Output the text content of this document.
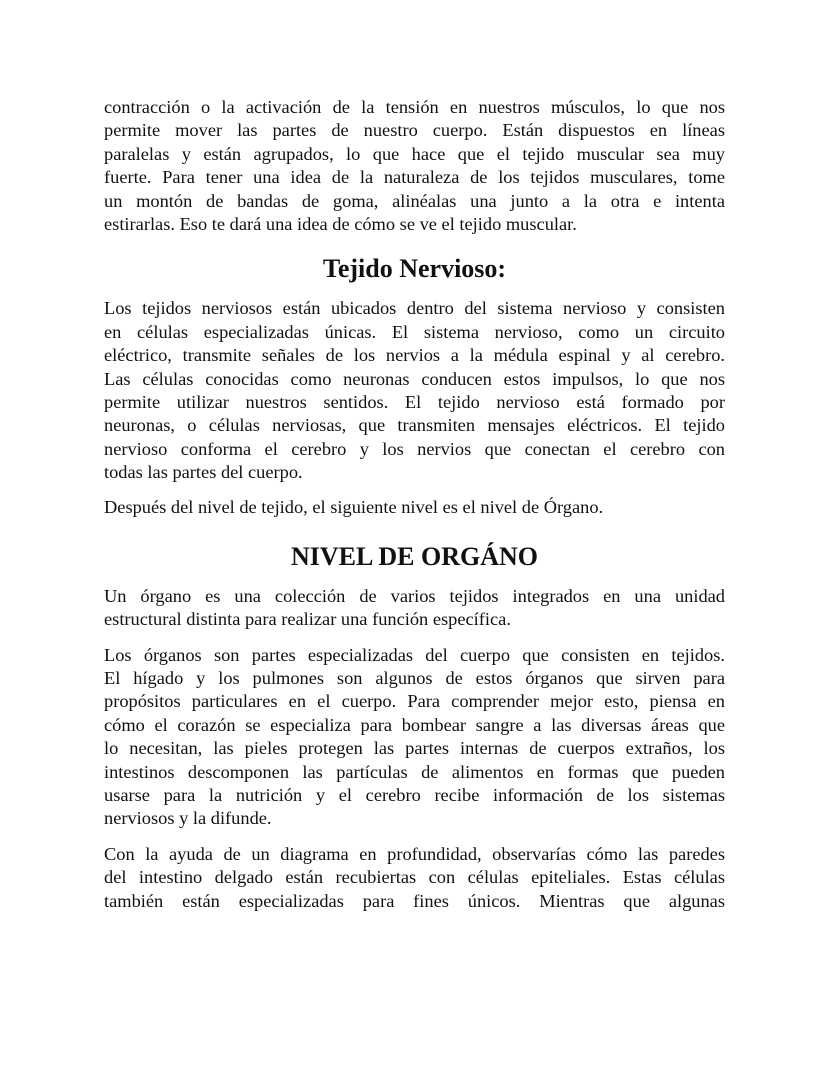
contracción o la activación de la tensión en nuestros músculos, lo que nos
permite mover las partes de nuestro cuerpo. Están dispuestos en líneas
paralelas y están agrupados, lo que hace que el tejido muscular sea muy
fuerte. Para tener una idea de la naturaleza de los tejidos musculares, tome
un montón de bandas de goma, alinéalas una junto a la otra e intenta
estirarlas. Eso te dará una idea de cómo se ve el tejido muscular.
Tejido Nervioso:
Los tejidos nerviosos están ubicados dentro del sistema nervioso y consisten
en células especializadas únicas. El sistema nervioso, como un circuito
eléctrico, transmite señales de los nervios a la médula espinal y al cerebro.
Las células conocidas como neuronas conducen estos impulsos, lo que nos
permite utilizar nuestros sentidos. El tejido nervioso está formado por
neuronas, o células nerviosas, que transmiten mensajes eléctricos. El tejido
nervioso conforma el cerebro y los nervios que conectan el cerebro con
todas las partes del cuerpo.
Después del nivel de tejido, el siguiente nivel es el nivel de Órgano.
NIVEL DE ORGÁNO
Un órgano es una colección de varios tejidos integrados en una unidad
estructural distinta para realizar una función específica.
Los órganos son partes especializadas del cuerpo que consisten en tejidos.
El hígado y los pulmones son algunos de estos órganos que sirven para
propósitos particulares en el cuerpo. Para comprender mejor esto, piensa en
cómo el corazón se especializa para bombear sangre a las diversas áreas que
lo necesitan, las pieles protegen las partes internas de cuerpos extraños, los
intestinos descomponen las partículas de alimentos en formas que pueden
usarse para la nutrición y el cerebro recibe información de los sistemas
nerviosos y la difunde.
Con la ayuda de un diagrama en profundidad, observarías cómo las paredes
del intestino delgado están recubiertas con células epiteliales. Estas células
también están especializadas para fines únicos. Mientras que algunas
